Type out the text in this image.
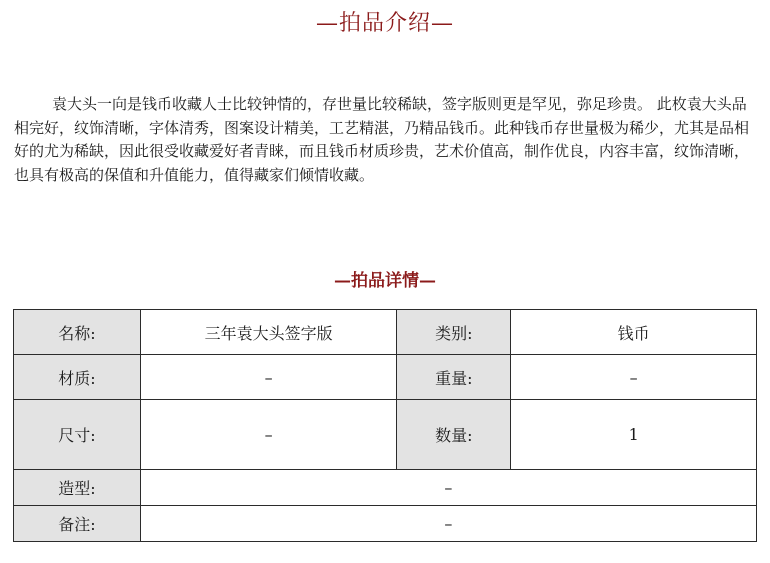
—拍品介绍—

袁大头一向是钱币收藏人士比较钟情的，存世量比较稀缺，签字版则更是罕见，弥足珍贵。 此枚袁大头品相完好，纹饰清晰，字体清秀，图案设计精美，工艺精湛，乃精品钱币。此种钱币存世量极为稀少，尤其是品相好的尤为稀缺，因此很受收藏爱好者青睐，而且钱币材质珍贵，艺术价值高，制作优良，内容丰富，纹饰清晰，也具有极高的保值和升值能力，值得藏家们倾情收藏。

—拍品详情—
名称:	三年袁大头签字版	类别:	钱币
材质:	–	重量:	–
尺寸:	–	数量:	1
造型:	–		
备注:	–		
